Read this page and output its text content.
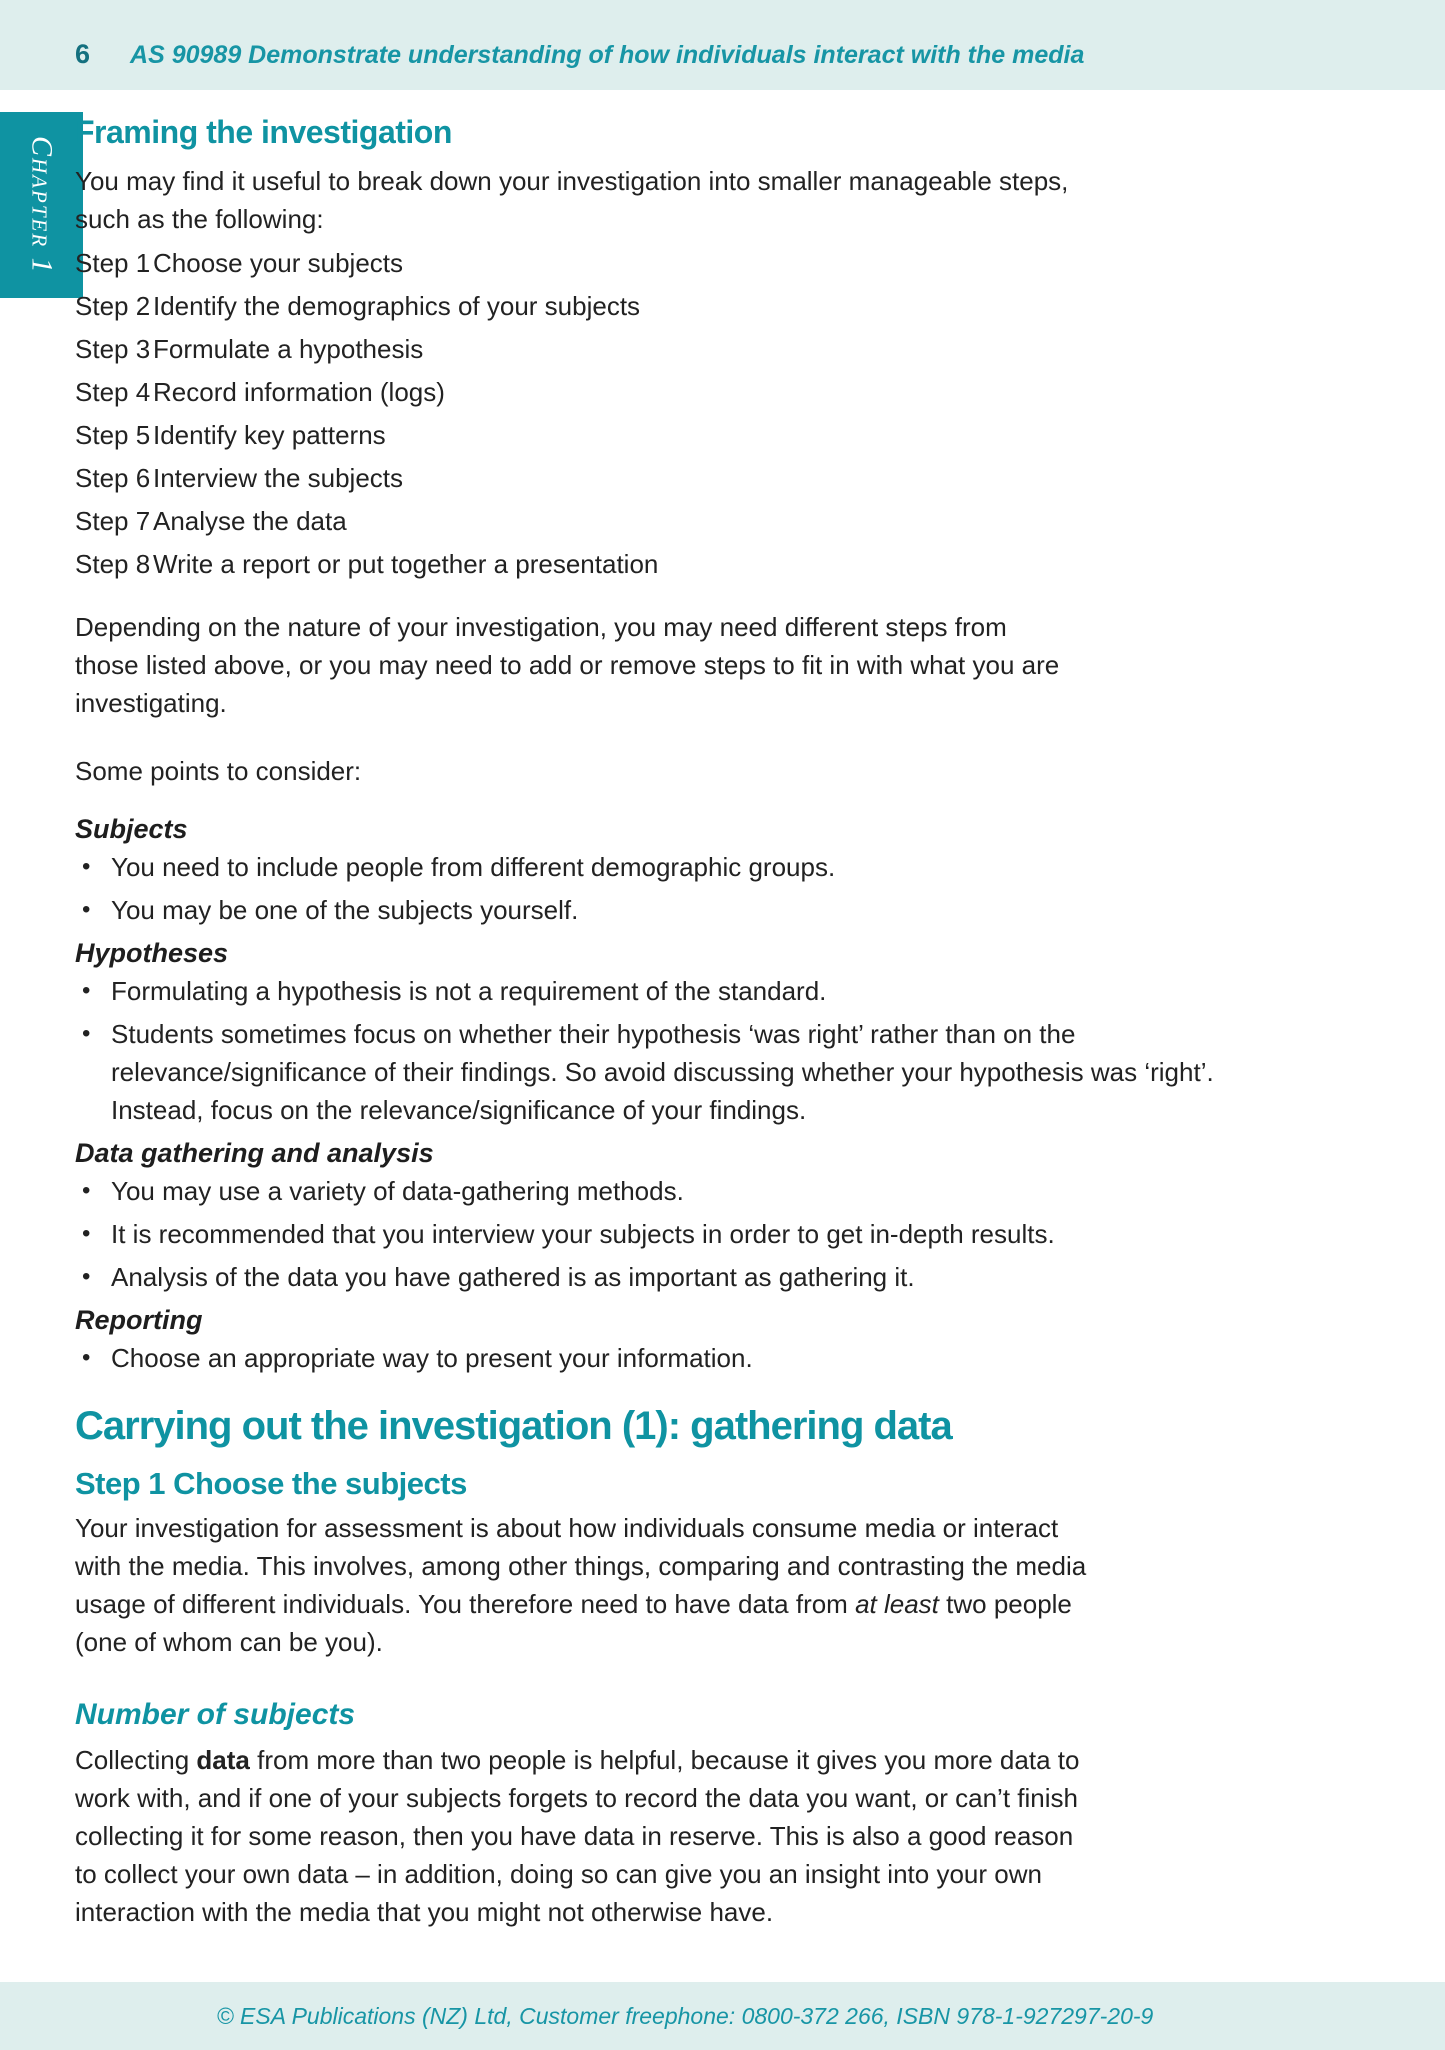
6 AS 90989 Demonstrate understanding of how individuals interact with the media
Chapter 1
Framing the investigation
You may find it useful to break down your investigation into smaller manageable steps,
such as the following:
Step 1 Choose your subjects
Step 2 Identify the demographics of your subjects
Step 3 Formulate a hypothesis
Step 4 Record information (logs)
Step 5 Identify key patterns
Step 6 Interview the subjects
Step 7 Analyse the data
Step 8 Write a report or put together a presentation
Depending on the nature of your investigation, you may need different steps from
those listed above, or you may need to add or remove steps to fit in with what you are
investigating.
Some points to consider:
Subjects
•
You need to include people from different demographic groups.
•
You may be one of the subjects yourself.
Hypotheses
•
Formulating a hypothesis is not a requirement of the standard.
•
Students sometimes focus on whether their hypothesis ‘was right’ rather than on the relevance/significance of their findings. So avoid discussing whether your hypothesis was ‘right’. Instead, focus on the relevance/significance of your findings.
Data gathering and analysis
•
You may use a variety of data-gathering methods.
•
It is recommended that you interview your subjects in order to get in-depth results.
•
Analysis of the data you have gathered is as important as gathering it.
Reporting
•
Choose an appropriate way to present your information.
Carrying out the investigation (1): gathering data
Step 1 Choose the subjects
Your investigation for assessment is about how individuals consume media or interact
with the media. This involves, among other things, comparing and contrasting the media
usage of different individuals. You therefore need to have data from at least two people
(one of whom can be you).
Number of subjects
Collecting data from more than two people is helpful, because it gives you more data to
work with, and if one of your subjects forgets to record the data you want, or can’t finish
collecting it for some reason, then you have data in reserve. This is also a good reason
to collect your own data – in addition, doing so can give you an insight into your own
interaction with the media that you might not otherwise have.
© ESA Publications (NZ) Ltd, Customer freephone: 0800-372 266, ISBN 978-1-927297-20-9
